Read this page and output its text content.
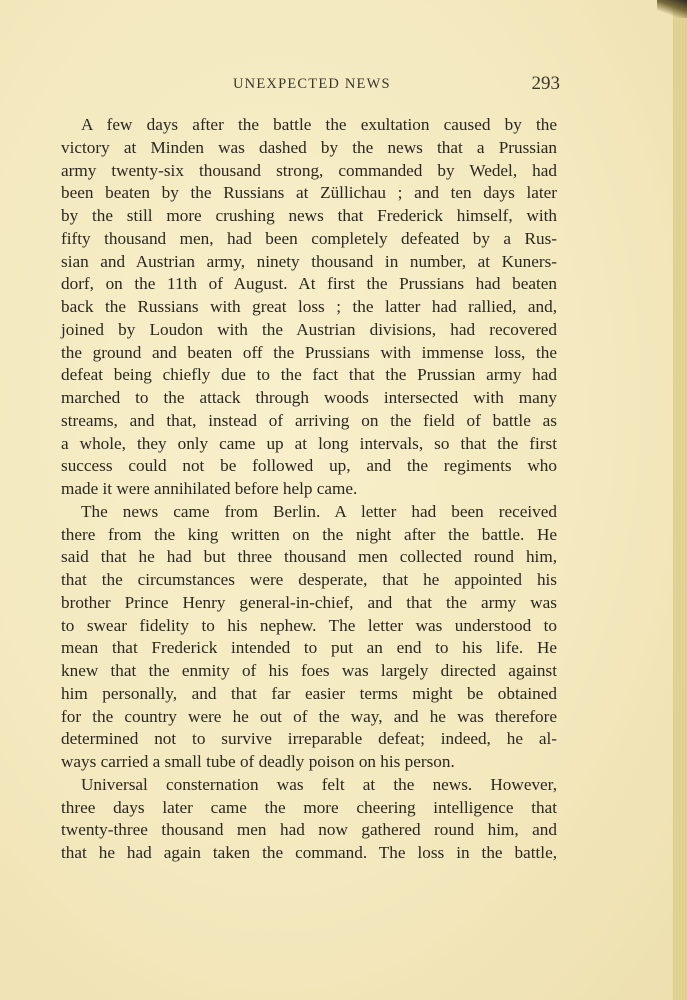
UNEXPECTED NEWS	293
A few days after the battle the exultation caused by the
victory at Minden was dashed by the news that a Prussian
army twenty-six thousand strong, commanded by Wedel, had
been beaten by the Russians at Züllichau ; and ten days later
by the still more crushing news that Frederick himself, with
fifty thousand men, had been completely defeated by a Rus-
sian and Austrian army, ninety thousand in number, at Kuners-
dorf, on the 11th of August. At first the Prussians had beaten
back the Russians with great loss ; the latter had rallied, and,
joined by Loudon with the Austrian divisions, had recovered
the ground and beaten off the Prussians with immense loss, the
defeat being chiefly due to the fact that the Prussian army had
marched to the attack through woods intersected with many
streams, and that, instead of arriving on the field of battle as
a whole, they only came up at long intervals, so that the first
success could not be followed up, and the regiments who
made it were annihilated before help came.
The news came from Berlin. A letter had been received
there from the king written on the night after the battle. He
said that he had but three thousand men collected round him,
that the circumstances were desperate, that he appointed his
brother Prince Henry general-in-chief, and that the army was
to swear fidelity to his nephew. The letter was understood to
mean that Frederick intended to put an end to his life. He
knew that the enmity of his foes was largely directed against
him personally, and that far easier terms might be obtained
for the country were he out of the way, and he was therefore
determined not to survive irreparable defeat; indeed, he al-
ways carried a small tube of deadly poison on his person.
Universal consternation was felt at the news. However,
three days later came the more cheering intelligence that
twenty-three thousand men had now gathered round him, and
that he had again taken the command. The loss in the battle,
